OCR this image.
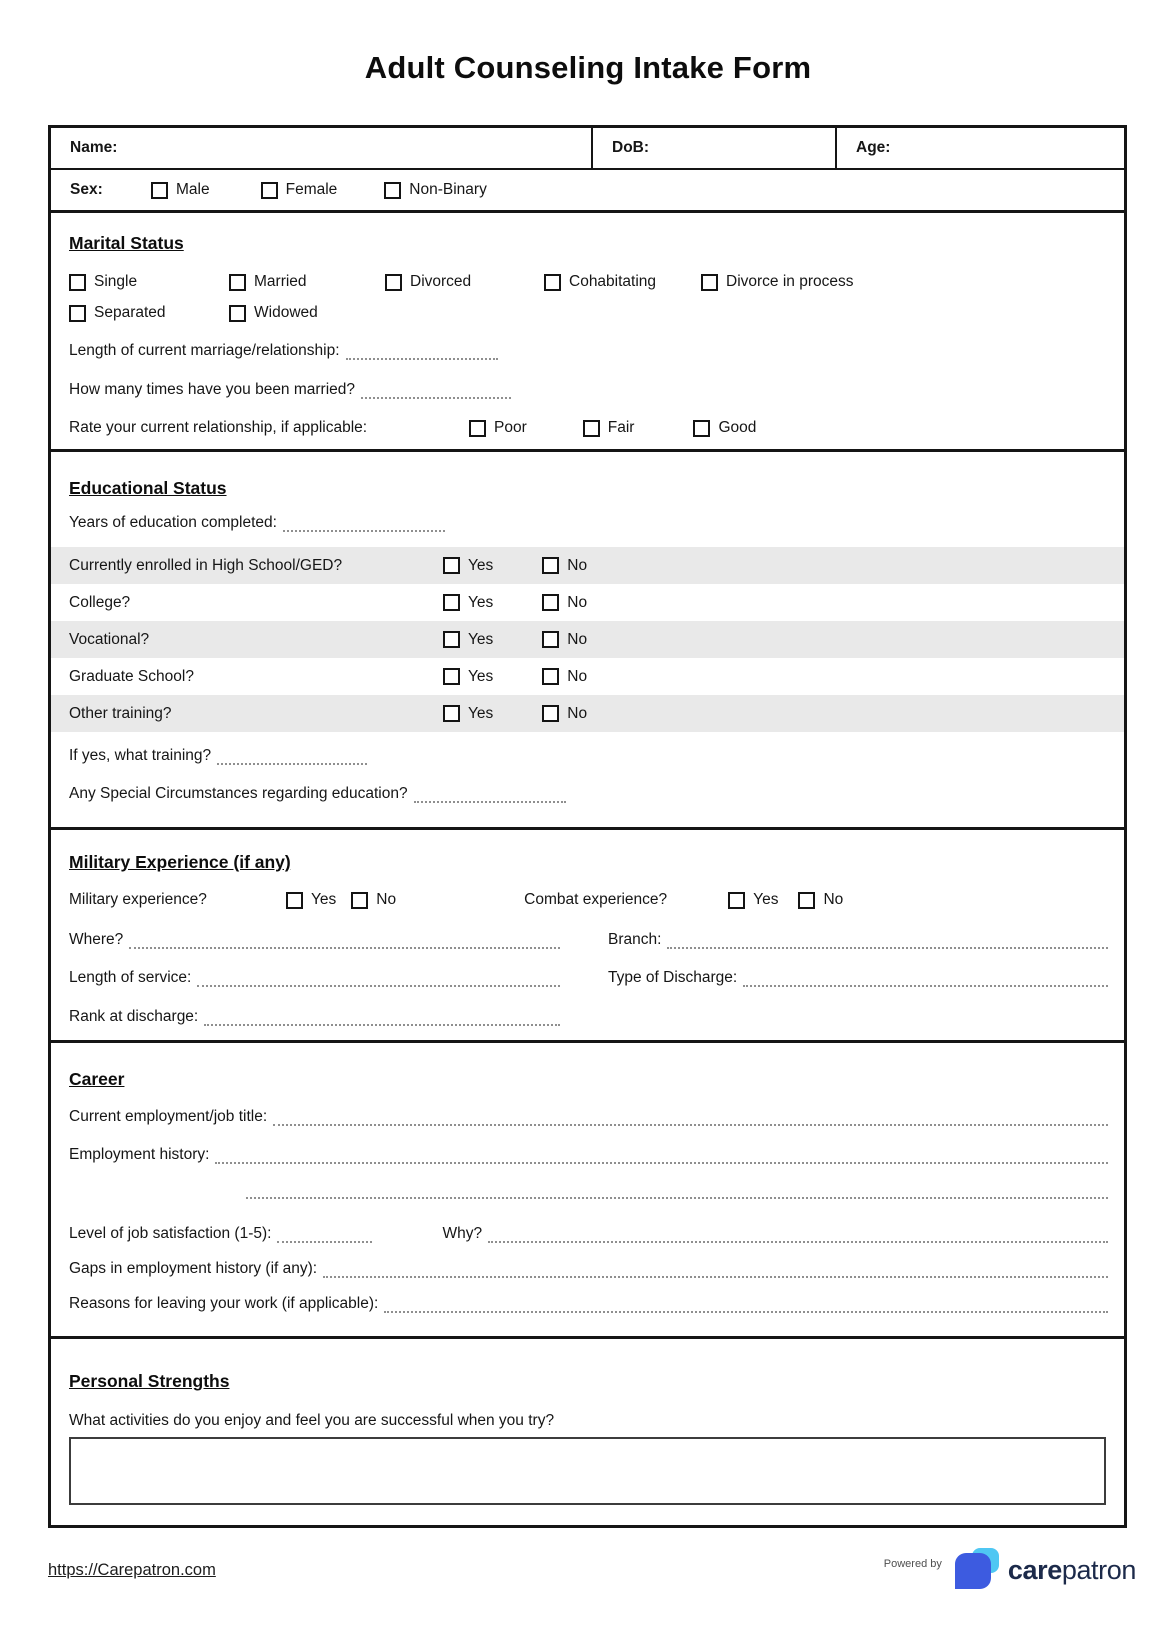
Adult Counseling Intake Form
Name:	DoB:	Age:
Sex:	Male	Female	Non-Binary
Marital Status
Single	Married	Divorced	Cohabitating	Divorce in process
Separated	Widowed
Length of current marriage/relationship:
How many times have you been married?
Rate your current relationship, if applicable:	Poor	Fair	Good
Educational Status
Years of education completed:
Currently enrolled in High School/GED?	Yes	No
College?	Yes	No
Vocational?	Yes	No
Graduate School?	Yes	No
Other training?	Yes	No
If yes, what training?
Any Special Circumstances regarding education?
Military Experience (if any)
Military experience?	Yes	No	Combat experience?	Yes	No
Where?	Branch:
Length of service:	Type of Discharge:
Rank at discharge:
Career
Current employment/job title:
Employment history:
Level of job satisfaction (1-5):	Why?
Gaps in employment history (if any):
Reasons for leaving your work (if applicable):
Personal Strengths
What activities do you enjoy and feel you are successful when you try?
https://Carepatron.com	Powered by carepatron
